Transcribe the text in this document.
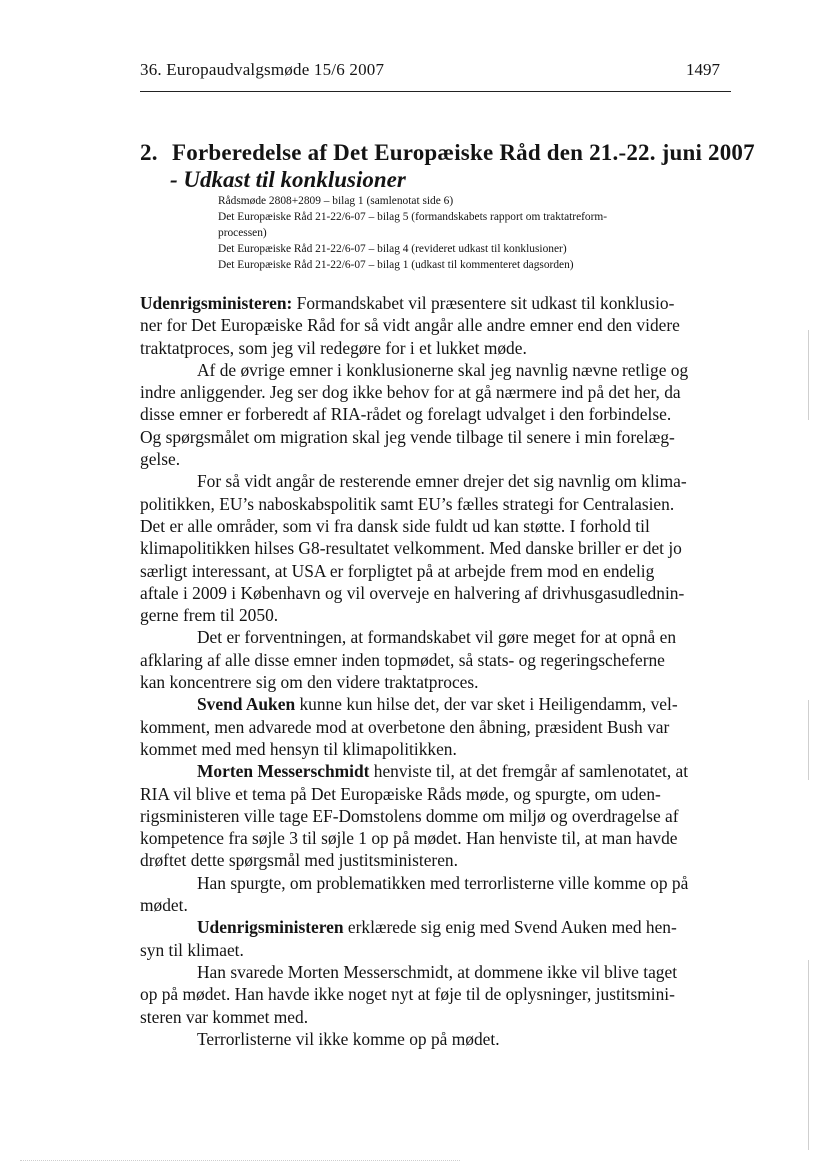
36. Europaudvalgsmøde 15/6 2007	1497
2. Forberedelse af Det Europæiske Råd den 21.-22. juni 2007
- Udkast til konklusioner
Rådsmøde 2808+2809 – bilag 1 (samlenotat side 6)
Det Europæiske Råd 21-22/6-07 – bilag 5 (formandskabets rapport om traktatreform-
processen)
Det Europæiske Råd 21-22/6-07 – bilag 4 (revideret udkast til konklusioner)
Det Europæiske Råd 21-22/6-07 – bilag 1 (udkast til kommenteret dagsorden)
Udenrigsministeren: Formandskabet vil præsentere sit udkast til konklusio-
ner for Det Europæiske Råd for så vidt angår alle andre emner end den videre
traktatproces, som jeg vil redegøre for i et lukket møde.
Af de øvrige emner i konklusionerne skal jeg navnlig nævne retlige og
indre anliggender. Jeg ser dog ikke behov for at gå nærmere ind på det her, da
disse emner er forberedt af RIA-rådet og forelagt udvalget i den forbindelse.
Og spørgsmålet om migration skal jeg vende tilbage til senere i min forelæg-
gelse.
For så vidt angår de resterende emner drejer det sig navnlig om klima-
politikken, EU’s naboskabspolitik samt EU’s fælles strategi for Centralasien.
Det er alle områder, som vi fra dansk side fuldt ud kan støtte. I forhold til
klimapolitikken hilses G8-resultatet velkomment. Med danske briller er det jo
særligt interessant, at USA er forpligtet på at arbejde frem mod en endelig
aftale i 2009 i København og vil overveje en halvering af drivhusgasudlednin-
gerne frem til 2050.
Det er forventningen, at formandskabet vil gøre meget for at opnå en
afklaring af alle disse emner inden topmødet, så stats- og regeringscheferne
kan koncentrere sig om den videre traktatproces.
Svend Auken kunne kun hilse det, der var sket i Heiligendamm, vel-
komment, men advarede mod at overbetone den åbning, præsident Bush var
kommet med med hensyn til klimapolitikken.
Morten Messerschmidt henviste til, at det fremgår af samlenotatet, at
RIA vil blive et tema på Det Europæiske Råds møde, og spurgte, om uden-
rigsministeren ville tage EF-Domstolens domme om miljø og overdragelse af
kompetence fra søjle 3 til søjle 1 op på mødet. Han henviste til, at man havde
drøftet dette spørgsmål med justitsministeren.
Han spurgte, om problematikken med terrorlisterne ville komme op på
mødet.
Udenrigsministeren erklærede sig enig med Svend Auken med hen-
syn til klimaet.
Han svarede Morten Messerschmidt, at dommene ikke vil blive taget
op på mødet. Han havde ikke noget nyt at føje til de oplysninger, justitsmini-
steren var kommet med.
Terrorlisterne vil ikke komme op på mødet.
